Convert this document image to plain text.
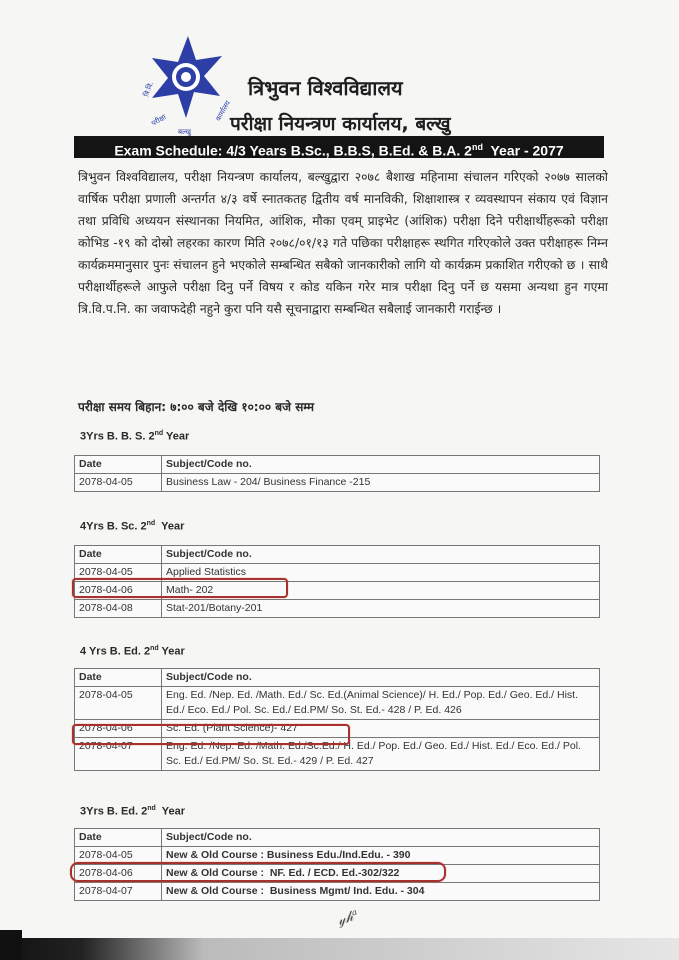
त्रि.वि.
परीक्षा
बल्खु
कार्यालय
त्रिभुवन विश्वविद्यालय
परीक्षा नियन्त्रण कार्यालय, बल्खु
Exam Schedule: 4/3 Years B.Sc., B.B.S, B.Ed. & B.A. 2nd  Year - 2077
त्रिभुवन विश्वविद्यालय, परीक्षा नियन्त्रण कार्यालय, बल्खुद्वारा २०७८ बैशाख महिनामा संचालन गरिएको २०७७ सालको वार्षिक परीक्षा प्रणाली अन्तर्गत ४/३ वर्षे स्नातकतह द्वितीय वर्ष मानविकी, शिक्षाशास्त्र र व्यवस्थापन संकाय एवं विज्ञान तथा प्रविधि अध्ययन संस्थानका नियमित, आंशिक, मौका एवम् प्राइभेट (आंशिक) परीक्षा दिने परीक्षार्थीहरूको परीक्षा कोभिड -१९ को दोस्रो लहरका कारण मिति २०७८/०१/१३ गते पछिका परीक्षाहरू स्थगित गरिएकोले उक्त परीक्षाहरू निम्न कार्यक्रममानुसार पुनः संचालन हुने भएकोले सम्बन्धित सबैको जानकारीको लागि यो कार्यक्रम प्रकाशित गरीएको छ । साथै परीक्षार्थीहरूले आफुले परीक्षा दिनु पर्ने विषय र कोड यकिन गरेर मात्र परीक्षा दिनु पर्ने छ यसमा अन्यथा हुन गएमा त्रि.वि.प.नि. का जवाफदेही नहुने कुरा पनि यसै सूचनाद्वारा सम्बन्धित सबैलाई जानकारी गराईन्छ ।
परीक्षा समय बिहान: ७:०० बजे देखि १०:०० बजे सम्म
3Yrs B. B. S. 2nd Year
Date	Subject/Code no.
2078-04-05	Business Law - 204/ Business Finance -215
4Yrs B. Sc. 2nd  Year
Date	Subject/Code no.
2078-04-05	Applied Statistics
2078-04-06	Math- 202
2078-04-08	Stat-201/Botany-201
4 Yrs B. Ed. 2nd Year
Date	Subject/Code no.
2078-04-05	Eng. Ed. /Nep. Ed. /Math. Ed./ Sc. Ed.(Animal Science)/ H. Ed./ Pop. Ed./ Geo. Ed./ Hist. Ed./ Eco. Ed./ Pol. Sc. Ed./ Ed.PM/ So. St. Ed.- 428 / P. Ed. 426
2078-04-06	Sc. Ed. (Plant Science)- 427
2078-04-07	Eng. Ed. /Nep. Ed. /Math. Ed./Sc.Ed./ H. Ed./ Pop. Ed./ Geo. Ed./ Hist. Ed./ Eco. Ed./ Pol. Sc. Ed./ Ed.PM/ So. St. Ed.- 429 / P. Ed. 427
3Yrs B. Ed. 2nd  Year
Date	Subject/Code no.
2078-04-05	New & Old Course : Business Edu./Ind.Edu. - 390
2078-04-06	New & Old Course :  NF. Ed. / ECD. Ed.-302/322
2078-04-07	New & Old Course :  Business Mgmt/ Ind. Edu. - 304
𝓎𝒽ᵃ
